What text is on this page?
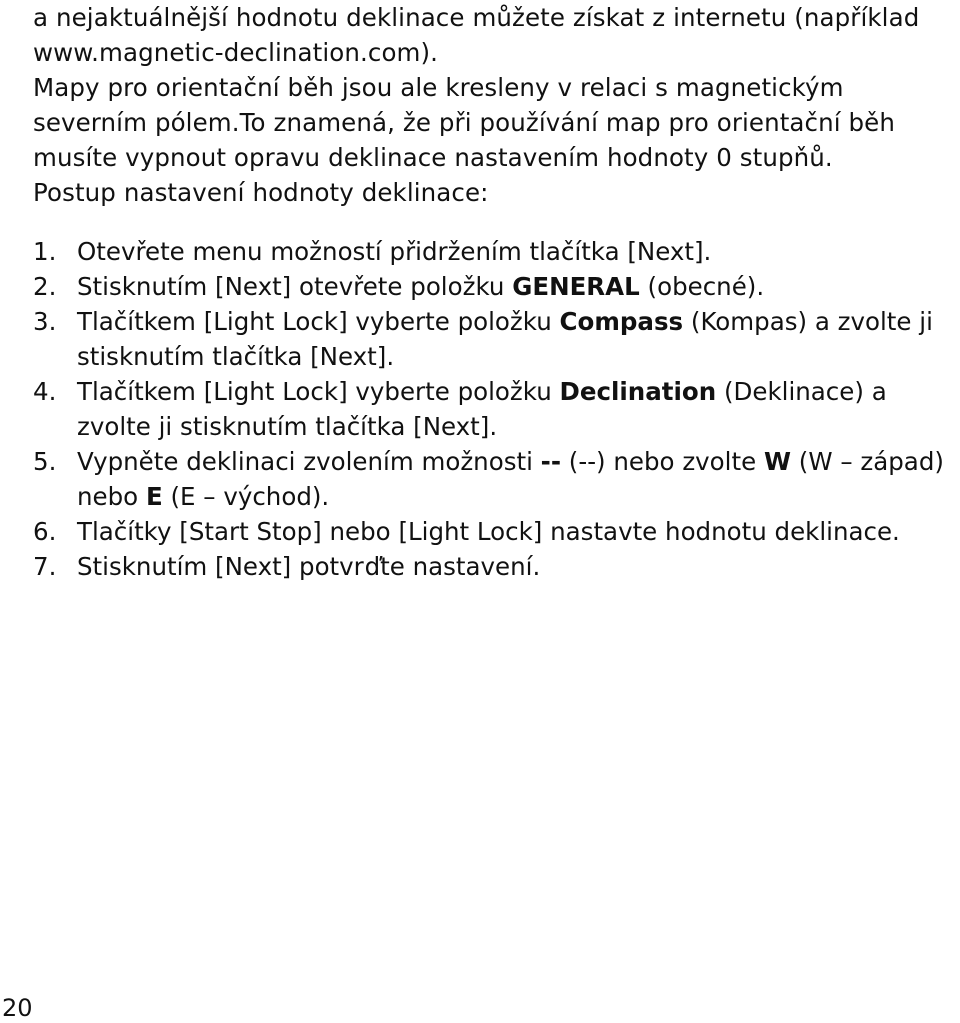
a nejaktuálnější hodnotu deklinace můžete získat z internetu (například www.magnetic-declination.com).

Mapy pro orientační běh jsou ale kresleny v relaci s magnetickým severním pólem.To znamená, že při používání map pro orientační běh musíte vypnout opravu deklinace nastavením hodnoty 0 stupňů.

Postup nastavení hodnoty deklinace:

1. Otevřete menu možností přidržením tlačítka [Next].
2. Stisknutím [Next] otevřete položku GENERAL (obecné).
3. Tlačítkem [Light Lock] vyberte položku Compass (Kompas) a zvolte ji stisknutím tlačítka [Next].
4. Tlačítkem [Light Lock] vyberte položku Declination (Deklinace) a zvolte ji stisknutím tlačítka [Next].
5. Vypněte deklinaci zvolením možnosti -- (--) nebo zvolte W (W – západ) nebo E (E – východ).
6. Tlačítky [Start Stop] nebo [Light Lock] nastavte hodnotu deklinace.
7. Stisknutím [Next] potvrďte nastavení.
20
